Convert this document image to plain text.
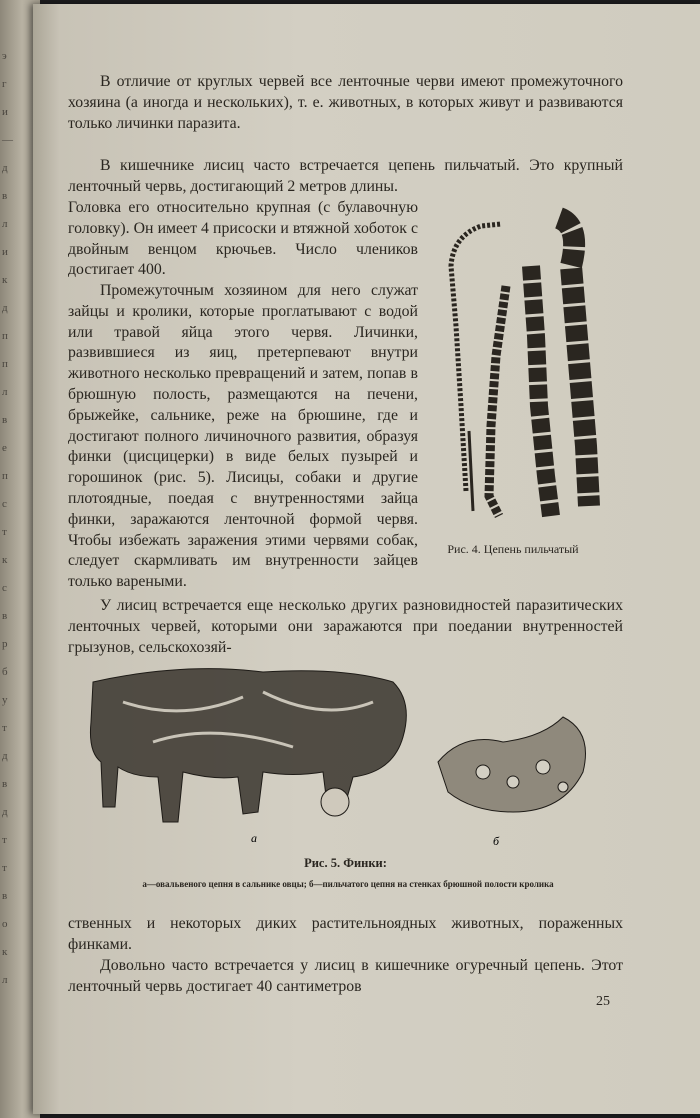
э
г
и
—
д
в
л
и
к
д
п
п
л
в
е
п
с
т
к
с
в
р
б
у
т
д
в
д
т
т
в
о
к
л

В отличие от круглых червей все ленточные черви имеют промежуточного хозяина (а иногда и нескольких), т. е. животных, в которых живут и развиваются только личинки паразита.

В кишечнике лисиц часто встречается цепень пильчатый. Это крупный ленточный червь, достигающий 2 метров длины.

Головка его относительно крупная (с булавочную головку). Он имеет 4 присоски и втяжной хоботок с двойным венцом крючьев. Число члеников достигает 400.

Промежуточным хозяином для него служат зайцы и кролики, которые проглатывают с водой или травой яйца этого червя. Личинки, развившиеся из яиц, претерпевают внутри животного несколько превращений и затем, попав в брюшную полость, размещаются на печени, брыжейке, сальнике, реже на брюшине, где и достигают полного личиночного развития, образуя финки (цисцицерки) в виде белых пузырей и горошинок (рис. 5). Лисицы, собаки и другие плотоядные, поедая с внутренностями зайца финки, заражаются ленточной формой червя. Чтобы избежать заражения этими червями собак, следует скармливать им внутренности зайцев только вареными.

У лисиц встречается еще несколько других разновидностей паразитических ленточных червей, которыми они заражаются при поедании внутренностей грызунов, сельскохозяй-

Рис. 4. Цепень пильчатый
а	б
Рис. 5. Финки:
а—овальвеного цепня в сальнике овцы; б—пильчатого цепня на стенках брюшной полости кролика

ственных и некоторых диких растительноядных животных, пораженных финками.

Довольно часто встречается у лисиц в кишечнике огуречный цепень. Этот ленточный червь достигает 40 сантиметров

25
